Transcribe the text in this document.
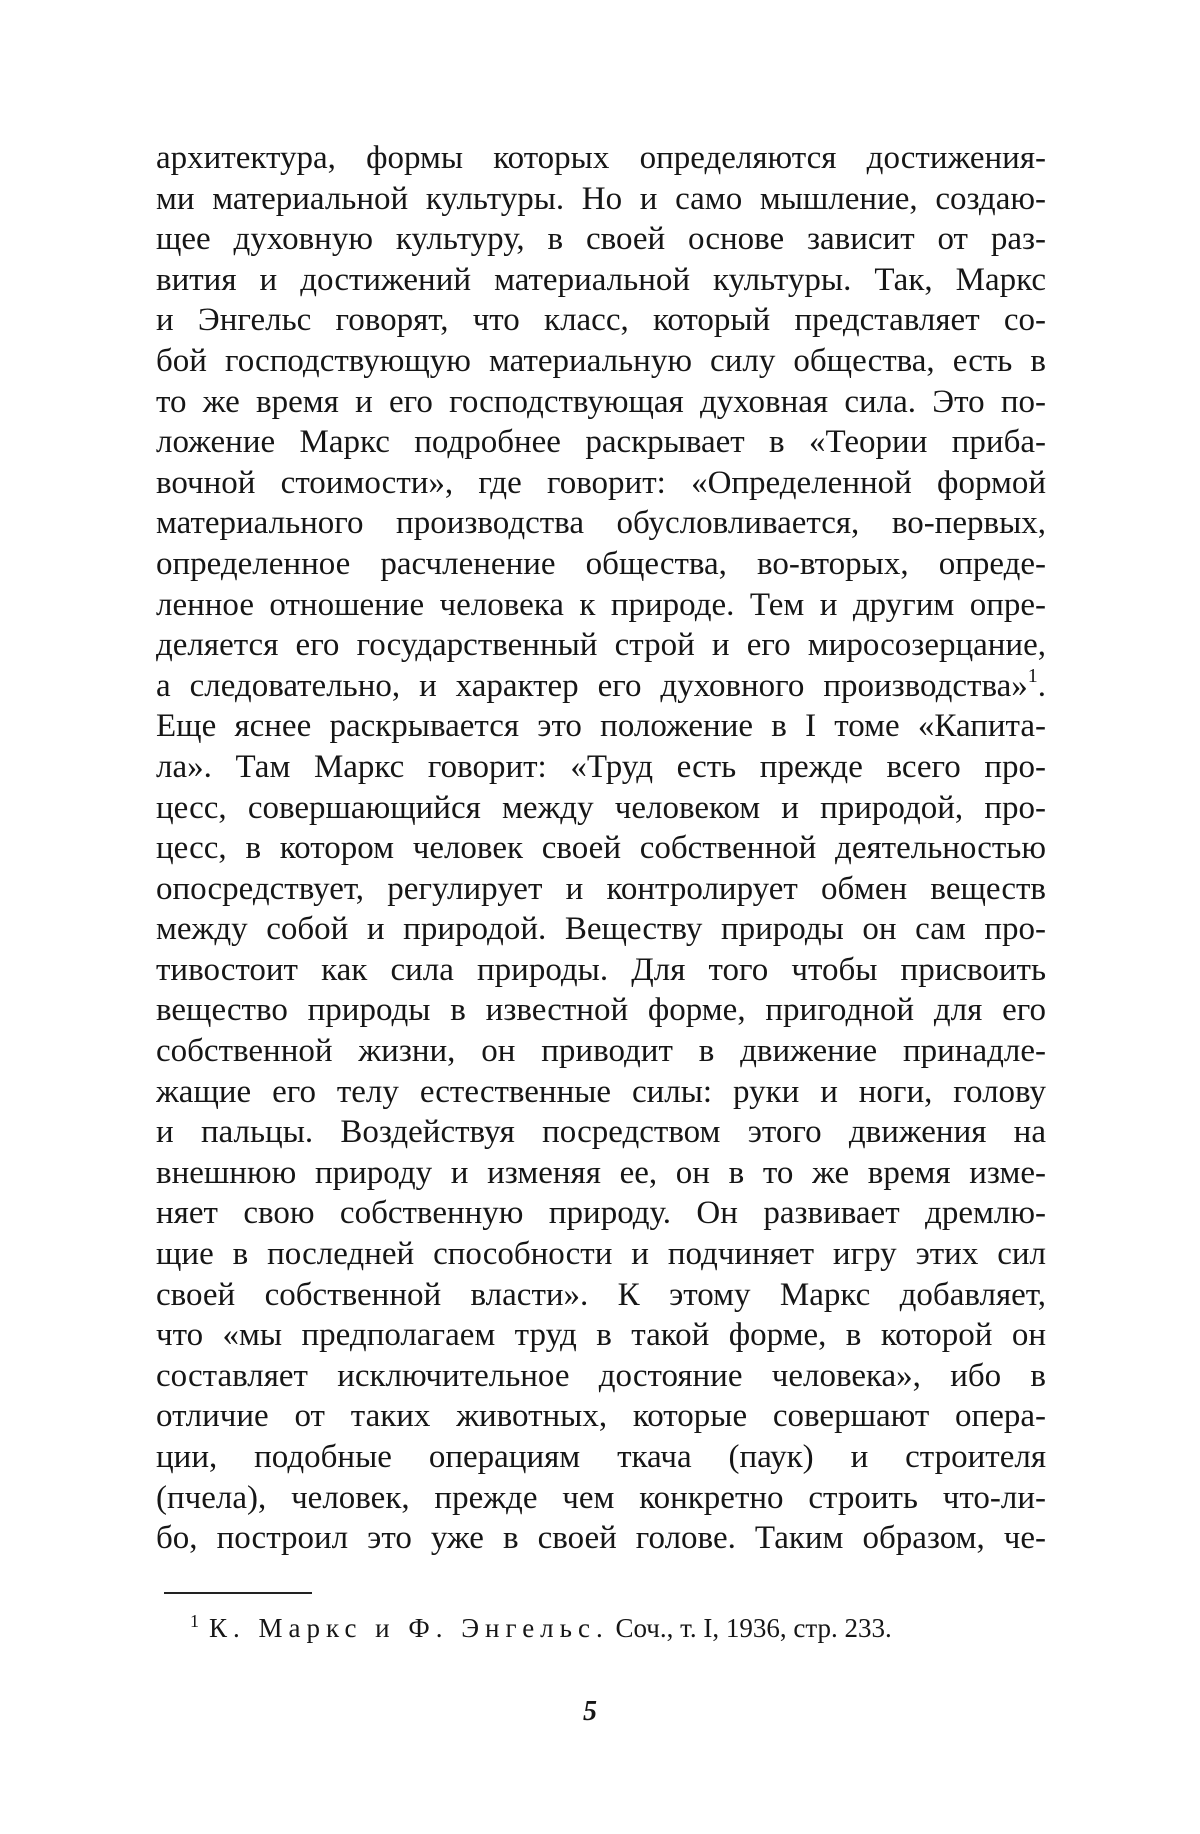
архитектура, формы которых определяются достижения-
ми материальной культуры. Но и само мышление, создаю-
щее духовную культуру, в своей основе зависит от раз-
вития и достижений материальной культуры. Так, Маркс
и Энгельс говорят, что класс, который представляет со-
бой господствующую материальную силу общества, есть в
то же время и его господствующая духовная сила. Это по-
ложение Маркс подробнее раскрывает в «Теории приба-
вочной стоимости», где говорит: «Определенной формой
материального производства обусловливается, во-первых,
определенное расчленение общества, во-вторых, опреде-
ленное отношение человека к природе. Тем и другим опре-
деляется его государственный строй и его миросозерцание,
а следовательно, и характер его духовного производства»$^1$.
Еще яснее раскрывается это положение в I томе «Капита-
ла». Там Маркс говорит: «Труд есть прежде всего про-
цесс, совершающийся между человеком и природой, про-
цесс, в котором человек своей собственной деятельностью
опосредствует, регулирует и контролирует обмен веществ
между собой и природой. Веществу природы он сам про-
тивостоит как сила природы. Для того чтобы присвоить
вещество природы в известной форме, пригодной для его
собственной жизни, он приводит в движение принадле-
жащие его телу естественные силы: руки и ноги, голову
и пальцы. Воздействуя посредством этого движения на
внешнюю природу и изменяя ее, он в то же время изме-
няет свою собственную природу. Он развивает дремлю-
щие в последней способности и подчиняет игру этих сил
своей собственной власти». К этому Маркс добавляет,
что «мы предполагаем труд в такой форме, в которой он
составляет исключительное достояние человека», ибо в
отличие от таких животных, которые совершают опера-
ции, подобные операциям ткача (паук) и строителя
(пчела), человек, прежде чем конкретно строить что-ли-
бо, построил это уже в своей голове. Таким образом, че-
$^1$ К. Маркс и Ф. Энгельс. Соч., т. I, 1936, стр. 233.
5
